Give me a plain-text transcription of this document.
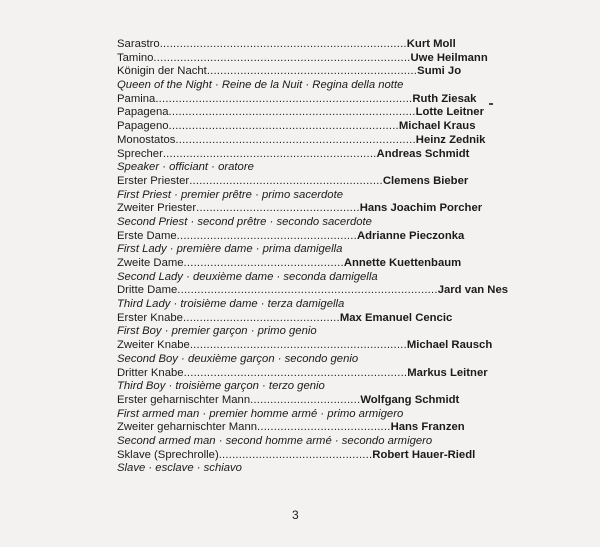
Sarastro .......................................................................... Kurt Moll
Tamino ............................................................................. Uwe Heilmann
Königin der Nacht ............................................................... Sumi Jo
Queen of the Night · Reine de la Nuit · Regina della notte
Pamina ............................................................................. Ruth Ziesak
Papagena .......................................................................... Lotte Leitner
Papageno ..................................................................... Michael Kraus
Monostatos ........................................................................ Heinz Zednik
Sprecher ................................................................ Andreas Schmidt
Speaker · officiant · oratore
Erster Priester .......................................................... Clemens Bieber
First Priest · premier prêtre · primo sacerdote
Zweiter Priester ................................................. Hans Joachim Porcher
Second Priest · second prêtre · secondo sacerdote
Erste Dame ...................................................... Adrianne Pieczonka
First Lady · première dame · prima damigella
Zweite Dame ................................................ Annette Kuettenbaum
Second Lady · deuxième dame · seconda damigella
Dritte Dame .............................................................................. Jard van Nes
Third Lady · troisième dame · terza damigella
Erster Knabe ............................................... Max Emanuel Cencic
First Boy · premier garçon · primo genio
Zweiter Knabe ................................................................. Michael Rausch
Second Boy · deuxième garçon · secondo genio
Dritter Knabe ................................................................... Markus Leitner
Third Boy · troisième garçon · terzo genio
Erster geharnischter Mann ................................. Wolfgang Schmidt
First armed man · premier homme armé · primo armigero
Zweiter geharnischter Mann ........................................ Hans Franzen
Second armed man · second homme armé · secondo armigero
Sklave (Sprechrolle) .............................................. Robert Hauer-Riedl
Slave · esclave · schiavo
3
